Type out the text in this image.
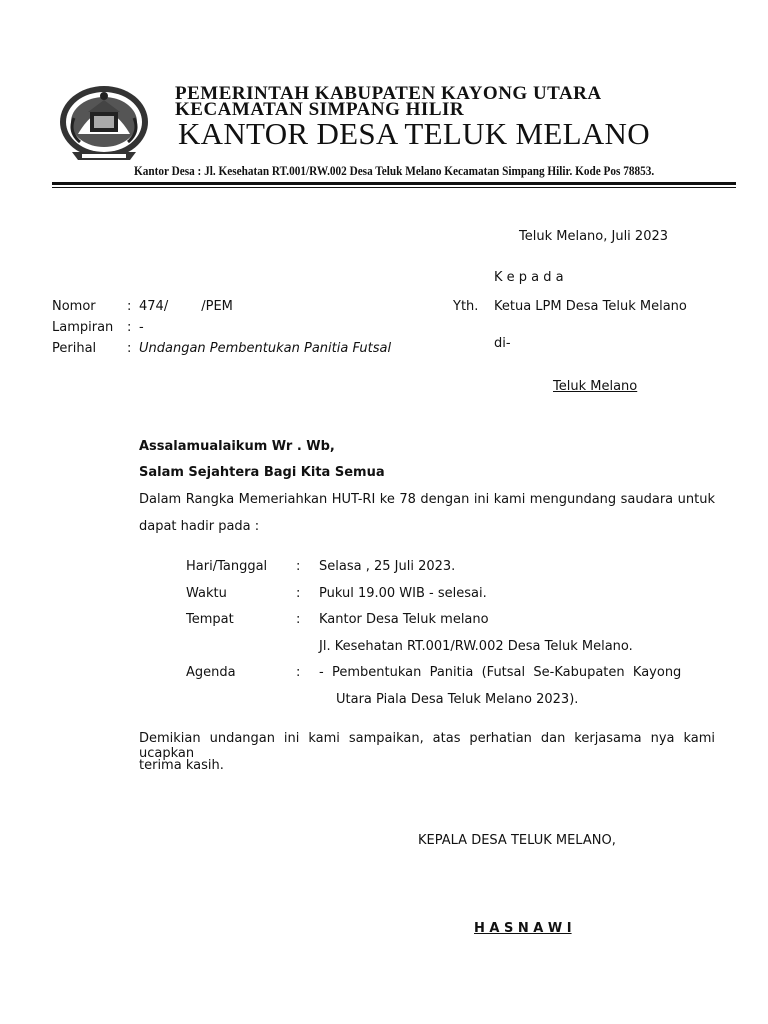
PEMERINTAH KABUPATEN KAYONG UTARA
KECAMATAN SIMPANG HILIR
KANTOR DESA TELUK MELANO
Kantor Desa : Jl. Kesehatan RT.001/RW.002 Desa Teluk Melano Kecamatan Simpang Hilir. Kode Pos 78853.
Teluk Melano, Juli 2023
K e p a d a
Yth. Ketua LPM Desa Teluk Melano
di-
Teluk Melano
Nomor : 474/        /PEM
Lampiran : -
Perihal : Undangan Pembentukan Panitia Futsal
Assalamualaikum Wr . Wb,
Salam Sejahtera Bagi Kita Semua
Dalam Rangka Memeriahkan HUT-RI ke 78 dengan ini kami mengundang saudara untuk
dapat hadir pada :
Hari/Tanggal : Selasa , 25 Juli 2023.
Waktu	: Pukul 19.00 WIB - selesai.
Tempat	: Kantor Desa Teluk melano
Jl. Kesehatan RT.001/RW.002 Desa Teluk Melano.
Agenda	: -  Pembentukan  Panitia  (Futsal  Se-Kabupaten  Kayong
Utara Piala Desa Teluk Melano 2023).
Demikian undangan ini kami sampaikan, atas perhatian dan kerjasama nya kami ucapkan
terima kasih.
KEPALA DESA TELUK MELANO,
H A S N A W I
